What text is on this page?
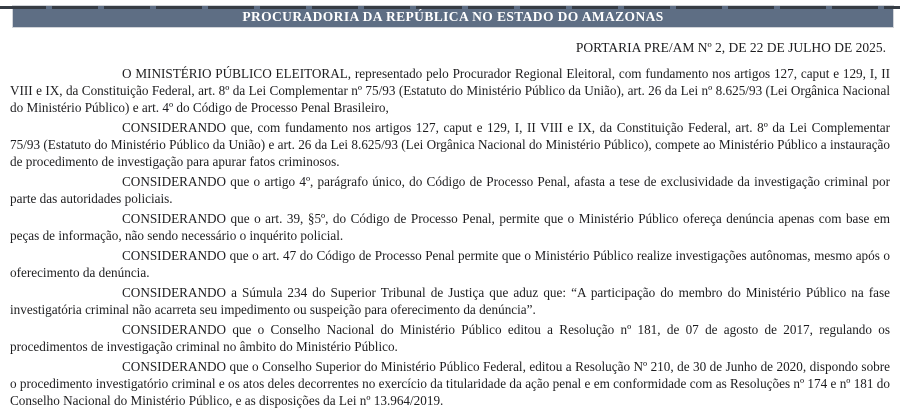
PROCURADORIA DA REPÚBLICA NO ESTADO DO AMAZONAS
PORTARIA PRE/AM Nº 2, DE 22 DE JULHO DE 2025.

O MINISTÉRIO PÚBLICO ELEITORAL, representado pelo Procurador Regional Eleitoral, com fundamento nos artigos 127, caput e 129, I, II VIII e IX, da Constituição Federal, art. 8º da Lei Complementar nº 75/93 (Estatuto do Ministério Público da União), art. 26 da Lei nº 8.625/93 (Lei Orgânica Nacional do Ministério Público) e art. 4º do Código de Processo Penal Brasileiro,

CONSIDERANDO que, com fundamento nos artigos 127, caput e 129, I, II VIII e IX, da Constituição Federal, art. 8º da Lei Complementar 75/93 (Estatuto do Ministério Público da União) e art. 26 da Lei 8.625/93 (Lei Orgânica Nacional do Ministério Público), compete ao Ministério Público a instauração de procedimento de investigação para apurar fatos criminosos.

CONSIDERANDO que o artigo 4º, parágrafo único, do Código de Processo Penal, afasta a tese de exclusividade da investigação criminal por parte das autoridades policiais.

CONSIDERANDO que o art. 39, §5º, do Código de Processo Penal, permite que o Ministério Público ofereça denúncia apenas com base em peças de informação, não sendo necessário o inquérito policial.

CONSIDERANDO que o art. 47 do Código de Processo Penal permite que o Ministério Público realize investigações autônomas, mesmo após o oferecimento da denúncia.

CONSIDERANDO a Súmula 234 do Superior Tribunal de Justiça que aduz que: “A participação do membro do Ministério Público na fase investigatória criminal não acarreta seu impedimento ou suspeição para oferecimento da denúncia”.

CONSIDERANDO que o Conselho Nacional do Ministério Público editou a Resolução nº 181, de 07 de agosto de 2017, regulando os procedimentos de investigação criminal no âmbito do Ministério Público.

CONSIDERANDO que o Conselho Superior do Ministério Público Federal, editou a Resolução Nº 210, de 30 de Junho de 2020, dispondo sobre o procedimento investigatório criminal e os atos deles decorrentes no exercício da titularidade da ação penal e em conformidade com as Resoluções nº 174 e nº 181 do Conselho Nacional do Ministério Público, e as disposições da Lei nº 13.964/2019.
